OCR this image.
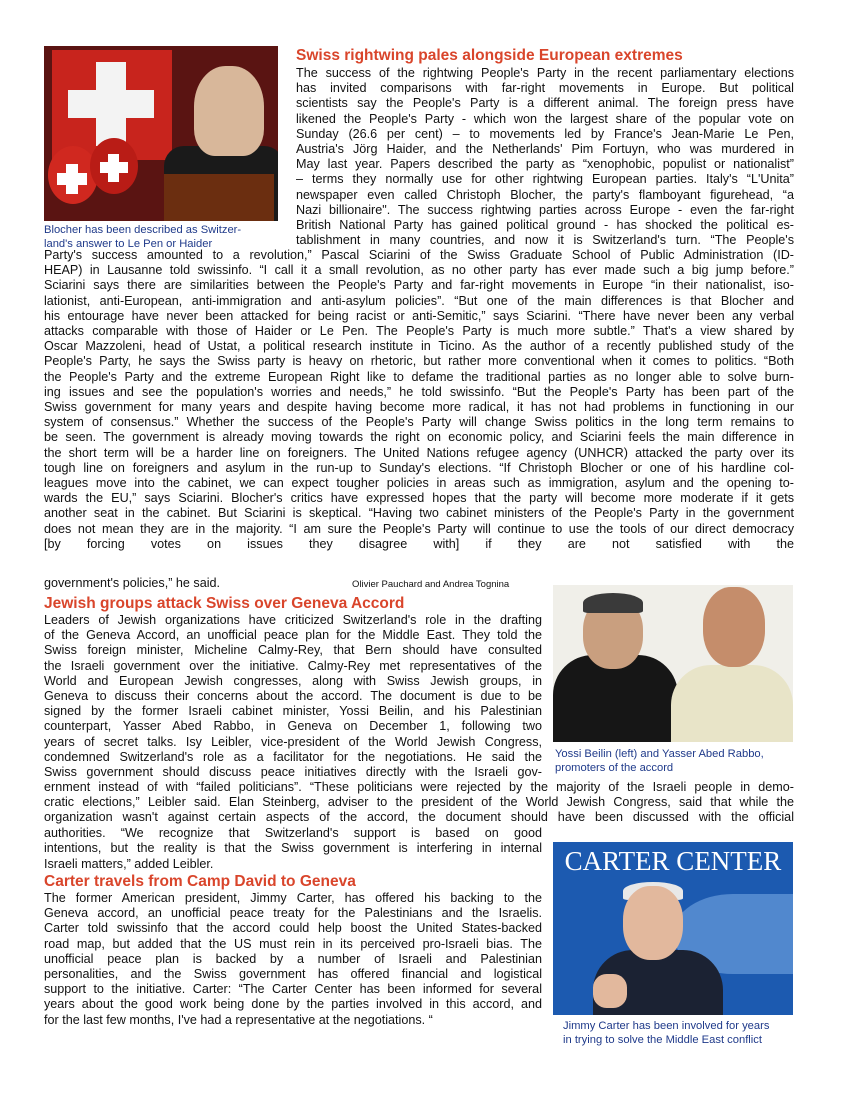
Blocher has been described as Switzer-
land's answer to Le Pen or Haider
Swiss rightwing pales alongside European extremes
The success of the rightwing People's Party in the recent parliamentary elections
has invited comparisons with far-right movements in Europe. But political
scientists say the People's Party is a different animal. The foreign press have
likened the People's Party - which won the largest share of the popular vote on
Sunday (26.6 per cent) – to movements led by France's Jean-Marie Le Pen,
Austria's Jörg Haider, and the Netherlands' Pim Fortuyn, who was murdered in
May last year. Papers described the party as “xenophobic, populist or nationalist”
– terms they normally use for other rightwing European parties. Italy's “L'Unita”
newspaper even called Christoph Blocher, the party's flamboyant figurehead, “a
Nazi billionaire". The success rightwing parties across Europe - even the far-right
British National Party has gained political ground - has shocked the political es-
tablishment in many countries, and now it is Switzerland's turn. “The People's
Party's success amounted to a revolution,” Pascal Sciarini of the Swiss Graduate School of Public Administration (ID-
HEAP) in Lausanne told swissinfo. “I call it a small revolution, as no other party has ever made such a big jump before.”
Sciarini says there are similarities between the People's Party and far-right movements in Europe “in their nationalist, iso-
lationist, anti-European, anti-immigration and anti-asylum policies”. “But one of the main differences is that Blocher and
his entourage have never been attacked for being racist or anti-Semitic,” says Sciarini. “There have never been any verbal
attacks comparable with those of Haider or Le Pen. The People's Party is much more subtle.” That's a view shared by
Oscar Mazzoleni, head of Ustat, a political research institute in Ticino. As the author of a recently published study of the
People's Party, he says the Swiss party is heavy on rhetoric, but rather more conventional when it comes to politics. “Both
the People's Party and the extreme European Right like to defame the traditional parties as no longer able to solve burn-
ing issues and see the population's worries and needs,” he told swissinfo. “But the People's Party has been part of the
Swiss government for many years and despite having become more radical, it has not had problems in functioning in our
system of consensus.” Whether the success of the People's Party will change Swiss politics in the long term remains to
be seen. The government is already moving towards the right on economic policy, and Sciarini feels the main difference in
the short term will be a harder line on foreigners. The United Nations refugee agency (UNHCR) attacked the party over its
tough line on foreigners and asylum in the run-up to Sunday's elections. “If Christoph Blocher or one of his hardline col-
leagues move into the cabinet, we can expect tougher policies in areas such as immigration, asylum and the opening to-
wards the EU,” says Sciarini. Blocher's critics have expressed hopes that the party will become more moderate if it gets
another seat in the cabinet. But Sciarini is skeptical. “Having two cabinet ministers of the People's Party in the government
does not mean they are in the majority. “I am sure the People's Party will continue to use the tools of our direct democracy
[by forcing votes on issues they disagree with] if they are not satisfied with the
government's policies,” he said.	Olivier Pauchard and Andrea Tognina
Jewish groups attack Swiss over Geneva Accord
Leaders of Jewish organizations have criticized Switzerland's role in the drafting
of the Geneva Accord, an unofficial peace plan for the Middle East. They told the
Swiss foreign minister, Micheline Calmy-Rey, that Bern should have consulted
the Israeli government over the initiative. Calmy-Rey met representatives of the
World and European Jewish congresses, along with Swiss Jewish groups, in
Geneva to discuss their concerns about the accord. The document is due to be
signed by the former Israeli cabinet minister, Yossi Beilin, and his Palestinian
counterpart, Yasser Abed Rabbo, in Geneva on December 1, following two
years of secret talks. Isy Leibler, vice-president of the World Jewish Congress,
condemned Switzerland's role as a facilitator for the negotiations. He said the
Swiss government should discuss peace initiatives directly with the Israeli gov-
Yossi Beilin (left) and Yasser Abed Rabbo,
promoters of the accord
ernment instead of with “failed politicians”. “These politicians were rejected by the majority of the Israeli people in demo-
cratic elections,” Leibler said. Elan Steinberg, adviser to the president of the World Jewish Congress, said that while the
organization wasn't against certain aspects of the accord, the document should have been discussed with the official
authorities. “We recognize that Switzerland's support is based on good
intentions, but the reality is that the Swiss government is interfering in internal
Israeli matters,” added Leibler.
Carter travels from Camp David to Geneva
The former American president, Jimmy Carter, has offered his backing to the
Geneva accord, an unofficial peace treaty for the Palestinians and the Israelis.
Carter told swissinfo that the accord could help boost the United States-backed
road map, but added that the US must rein in its perceived pro-Israeli bias. The
unofficial peace plan is backed by a number of Israeli and Palestinian
personalities, and the Swiss government has offered financial and logistical
support to the initiative. Carter: “The Carter Center has been informed for several
years about the good work being done by the parties involved in this accord, and
for the last few months, I've had a representative at the negotiations. “
CARTER CENTER
Jimmy Carter has been involved for years
in trying to solve the Middle East conflict
